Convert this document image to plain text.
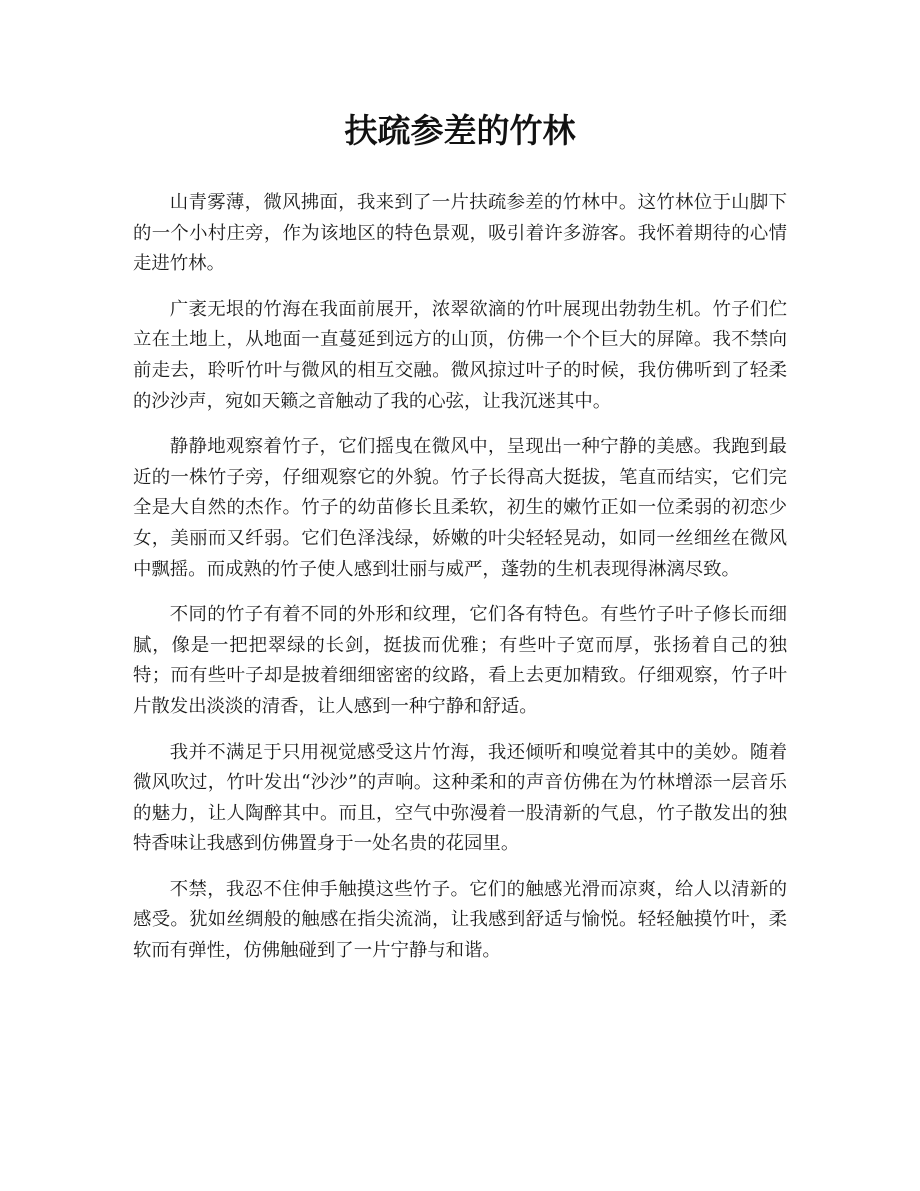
扶疏参差的竹林

山青雾薄，微风拂面，我来到了一片扶疏参差的竹林中。这竹林位于山脚下的一个小村庄旁，作为该地区的特色景观，吸引着许多游客。我怀着期待的心情走进竹林。

广袤无垠的竹海在我面前展开，浓翠欲滴的竹叶展现出勃勃生机。竹子们伫立在土地上，从地面一直蔓延到远方的山顶，仿佛一个个巨大的屏障。我不禁向前走去，聆听竹叶与微风的相互交融。微风掠过叶子的时候，我仿佛听到了轻柔的沙沙声，宛如天籁之音触动了我的心弦，让我沉迷其中。

静静地观察着竹子，它们摇曳在微风中，呈现出一种宁静的美感。我跑到最近的一株竹子旁，仔细观察它的外貌。竹子长得高大挺拔，笔直而结实，它们完全是大自然的杰作。竹子的幼苗修长且柔软，初生的嫩竹正如一位柔弱的初恋少女，美丽而又纤弱。它们色泽浅绿，娇嫩的叶尖轻轻晃动，如同一丝细丝在微风中飘摇。而成熟的竹子使人感到壮丽与威严，蓬勃的生机表现得淋漓尽致。

不同的竹子有着不同的外形和纹理，它们各有特色。有些竹子叶子修长而细腻，像是一把把翠绿的长剑，挺拔而优雅；有些叶子宽而厚，张扬着自己的独特；而有些叶子却是披着细细密密的纹路，看上去更加精致。仔细观察，竹子叶片散发出淡淡的清香，让人感到一种宁静和舒适。

我并不满足于只用视觉感受这片竹海，我还倾听和嗅觉着其中的美妙。随着微风吹过，竹叶发出“沙沙”的声响。这种柔和的声音仿佛在为竹林增添一层音乐的魅力，让人陶醉其中。而且，空气中弥漫着一股清新的气息，竹子散发出的独特香味让我感到仿佛置身于一处名贵的花园里。

不禁，我忍不住伸手触摸这些竹子。它们的触感光滑而凉爽，给人以清新的感受。犹如丝绸般的触感在指尖流淌，让我感到舒适与愉悦。轻轻触摸竹叶，柔软而有弹性，仿佛触碰到了一片宁静与和谐。
